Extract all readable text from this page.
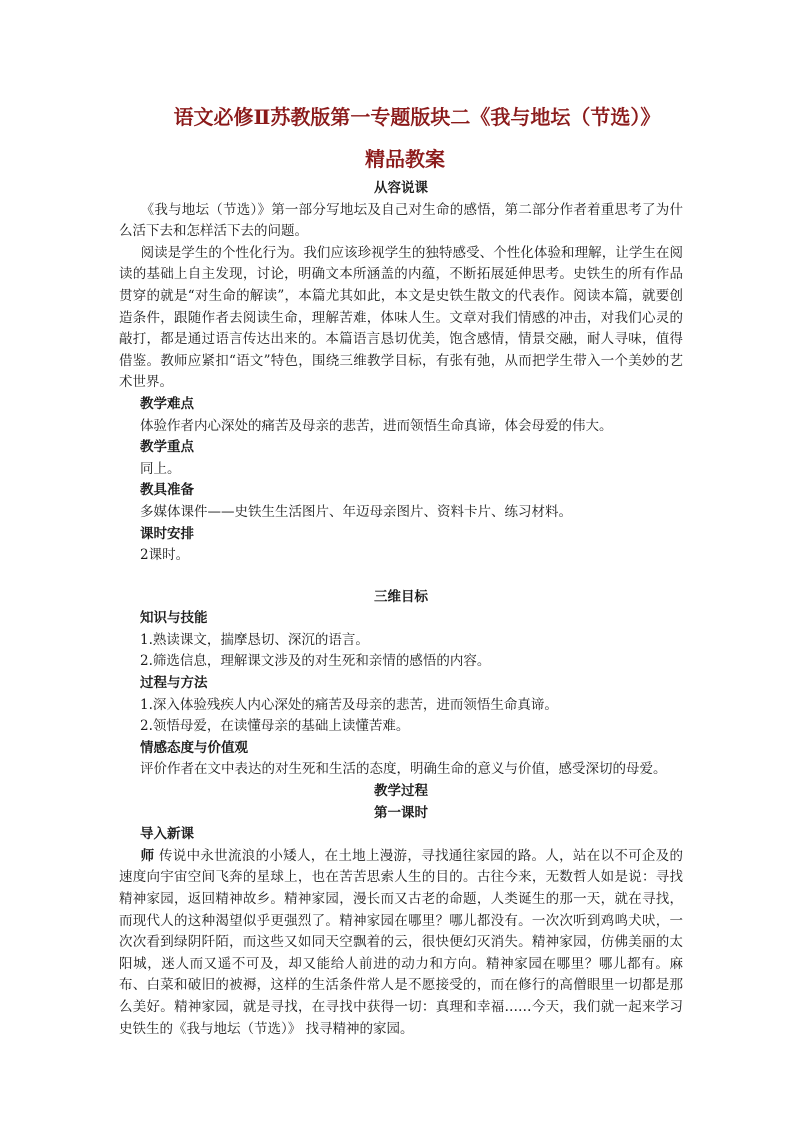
语文必修Ⅱ苏教版第一专题版块二《我与地坛（节选）》
精品教案
从容说课

《我与地坛（节选）》第一部分写地坛及自己对生命的感悟，第二部分作者着重思考了为什么活下去和怎样活下去的问题。

阅读是学生的个性化行为。我们应该珍视学生的独特感受、个性化体验和理解，让学生在阅读的基础上自主发现，讨论，明确文本所涵盖的内蕴，不断拓展延伸思考。史铁生的所有作品贯穿的就是“对生命的解读”，本篇尤其如此，本文是史铁生散文的代表作。阅读本篇，就要创造条件，跟随作者去阅读生命，理解苦难，体味人生。文章对我们情感的冲击，对我们心灵的敲打，都是通过语言传达出来的。本篇语言恳切优美，饱含感情，情景交融，耐人寻味，值得借鉴。教师应紧扣“语文”特色，围绕三维教学目标，有张有弛，从而把学生带入一个美妙的艺术世界。

教学难点
体验作者内心深处的痛苦及母亲的悲苦，进而领悟生命真谛，体会母爱的伟大。
教学重点
同上。
教具准备
多媒体课件——史铁生生活图片、年迈母亲图片、资料卡片、练习材料。
课时安排
2课时。
三维目标
知识与技能
1.熟读课文，揣摩恳切、深沉的语言。
2.筛选信息，理解课文涉及的对生死和亲情的感悟的内容。
过程与方法
1.深入体验残疾人内心深处的痛苦及母亲的悲苦，进而领悟生命真谛。
2.领悟母爱，在读懂母亲的基础上读懂苦难。
情感态度与价值观
评价作者在文中表达的对生死和生活的态度，明确生命的意义与价值，感受深切的母爱。
教学过程
第一课时
导入新课

师 传说中永世流浪的小矮人，在土地上漫游，寻找通往家园的路。人，站在以不可企及的速度向宇宙空间飞奔的星球上，也在苦苦思索人生的目的。古往今来，无数哲人如是说：寻找精神家园，返回精神故乡。精神家园，漫长而又古老的命题，人类诞生的那一天，就在寻找，而现代人的这种渴望似乎更强烈了。精神家园在哪里？哪儿都没有。一次次听到鸡鸣犬吠，一次次看到绿阴阡陌，而这些又如同天空飘着的云，很快便幻灭消失。精神家园，仿佛美丽的太阳城，迷人而又遥不可及，却又能给人前进的动力和方向。精神家园在哪里？哪儿都有。麻布、白菜和破旧的被褥，这样的生活条件常人是不愿接受的，而在修行的高僧眼里一切都是那么美好。精神家园，就是寻找，在寻找中获得一切：真理和幸福……今天，我们就一起来学习史铁生的《我与地坛（节选）》 找寻精神的家园。
